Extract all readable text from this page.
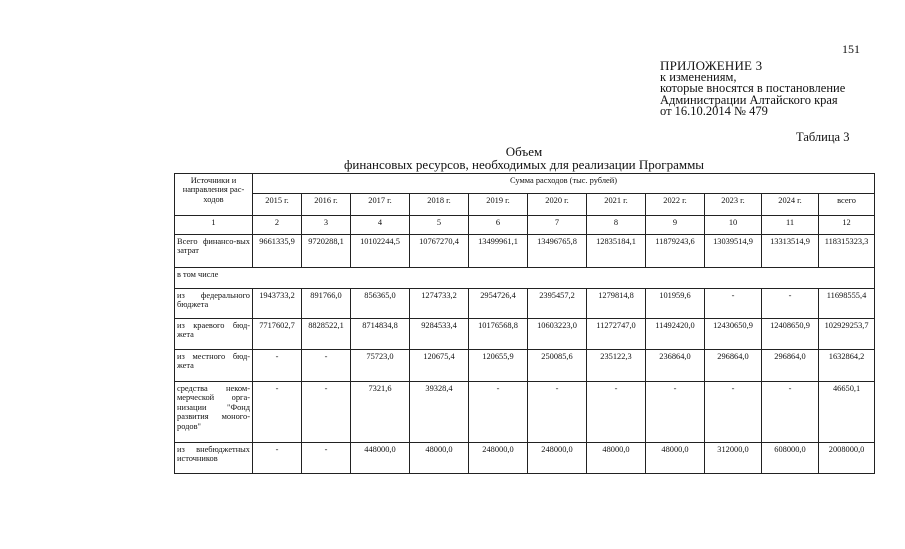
151
ПРИЛОЖЕНИЕ 3
к изменениям,
которые вносятся в постановление
Администрации Алтайского края
от 16.10.2014 № 479
Таблица 3
Объем
финансовых ресурсов, необходимых для реализации Программы
Источники и направления рас-ходов	Сумма расходов (тыс. рублей)										
	2015 г.	2016 г.	2017 г.	2018 г.	2019 г.	2020 г.	2021 г.	2022 г.	2023 г.	2024 г.	всего
1	2	3	4	5	6	7	8	9	10	11	12
Всего финансо-вых затрат	9661335,9	9720288,1	10102244,5	10767270,4	13499961,1	13496765,8	12835184,1	11879243,6	13039514,9	13313514,9	118315323,3
в том числе											
из федерального бюджета	1943733,2	891766,0	856365,0	1274733,2	2954726,4	2395457,2	1279814,8	101959,6	-	-	11698555,4
из краевого бюд-жета	7717602,7	8828522,1	8714834,8	9284533,4	10176568,8	10603223,0	11272747,0	11492420,0	12430650,9	12408650,9	102929253,7
из местного бюд-жета	-	-	75723,0	120675,4	120655,9	250085,6	235122,3	236864,0	296864,0	296864,0	1632864,2
средства неком-мерческой орга-низации "Фонд развития моного-родов"	-	-	7321,6	39328,4	-	-	-	-	-	-	46650,1
из внебюджетных источников	-	-	448000,0	48000,0	248000,0	248000,0	48000,0	48000,0	312000,0	608000,0	2008000,0
